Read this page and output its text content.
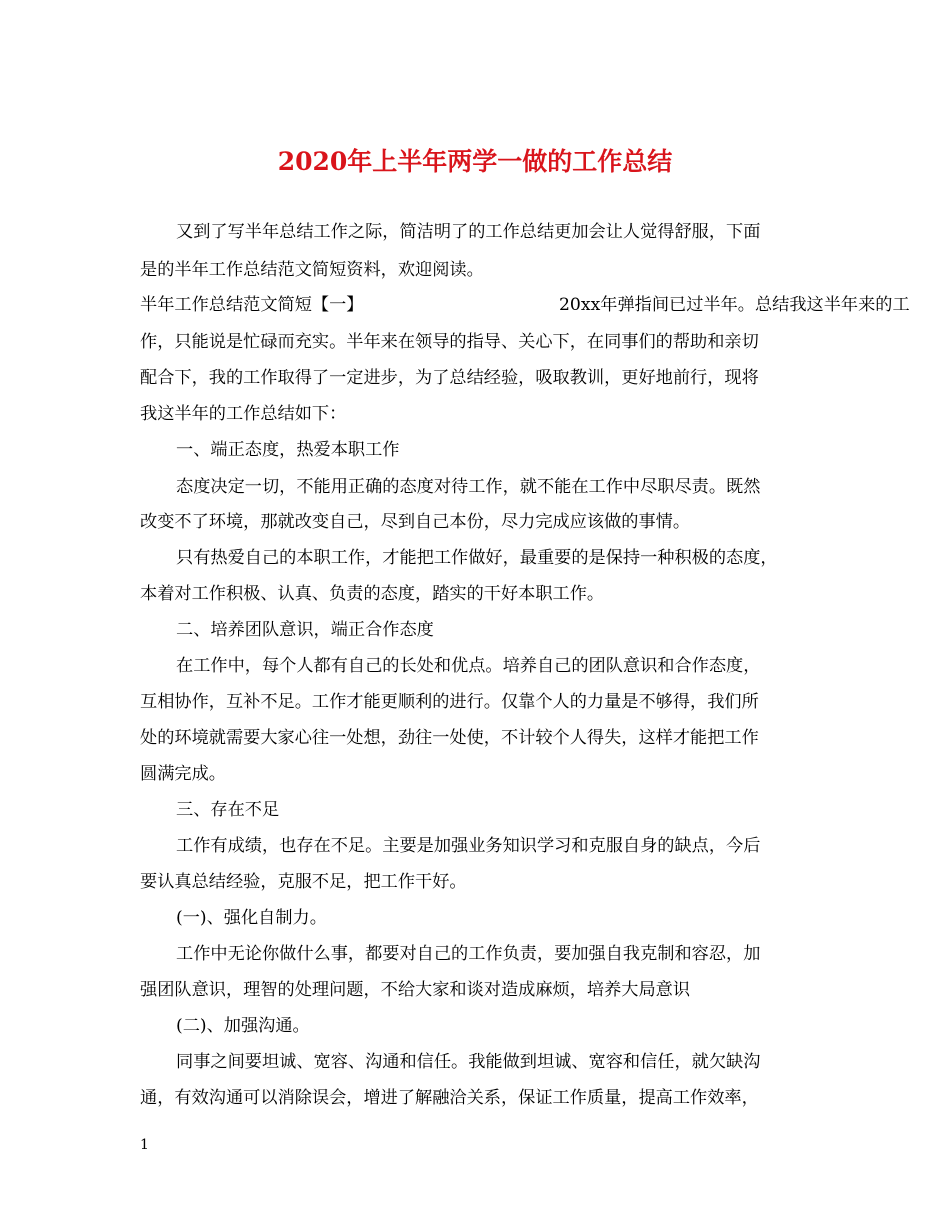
2020年上半年两学一做的工作总结

又到了写半年总结工作之际，简洁明了的工作总结更加会让人觉得舒服，下面

是的半年工作总结范文简短资料，欢迎阅读。

半年工作总结范文简短【一】	20xx年弹指间已过半年。总结我这半年来的工

作，只能说是忙碌而充实。半年来在领导的指导、关心下，在同事们的帮助和亲切

配合下，我的工作取得了一定进步，为了总结经验，吸取教训，更好地前行，现将

我这半年的工作总结如下：

一、端正态度，热爱本职工作

态度决定一切，不能用正确的态度对待工作，就不能在工作中尽职尽责。既然

改变不了环境，那就改变自己，尽到自己本份，尽力完成应该做的事情。

只有热爱自己的本职工作，才能把工作做好，最重要的是保持一种积极的态度，

本着对工作积极、认真、负责的态度，踏实的干好本职工作。

二、培养团队意识，端正合作态度

在工作中，每个人都有自己的长处和优点。培养自己的团队意识和合作态度，

互相协作，互补不足。工作才能更顺利的进行。仅靠个人的力量是不够得，我们所

处的环境就需要大家心往一处想，劲往一处使，不计较个人得失，这样才能把工作

圆满完成。

三、存在不足

工作有成绩，也存在不足。主要是加强业务知识学习和克服自身的缺点，今后

要认真总结经验，克服不足，把工作干好。

(一)、强化自制力。

工作中无论你做什么事，都要对自己的工作负责，要加强自我克制和容忍，加

强团队意识，理智的处理问题，不给大家和谈对造成麻烦，培养大局意识

(二)、加强沟通。

同事之间要坦诚、宽容、沟通和信任。我能做到坦诚、宽容和信任，就欠缺沟

通，有效沟通可以消除误会，增进了解融洽关系，保证工作质量，提高工作效率，

1
